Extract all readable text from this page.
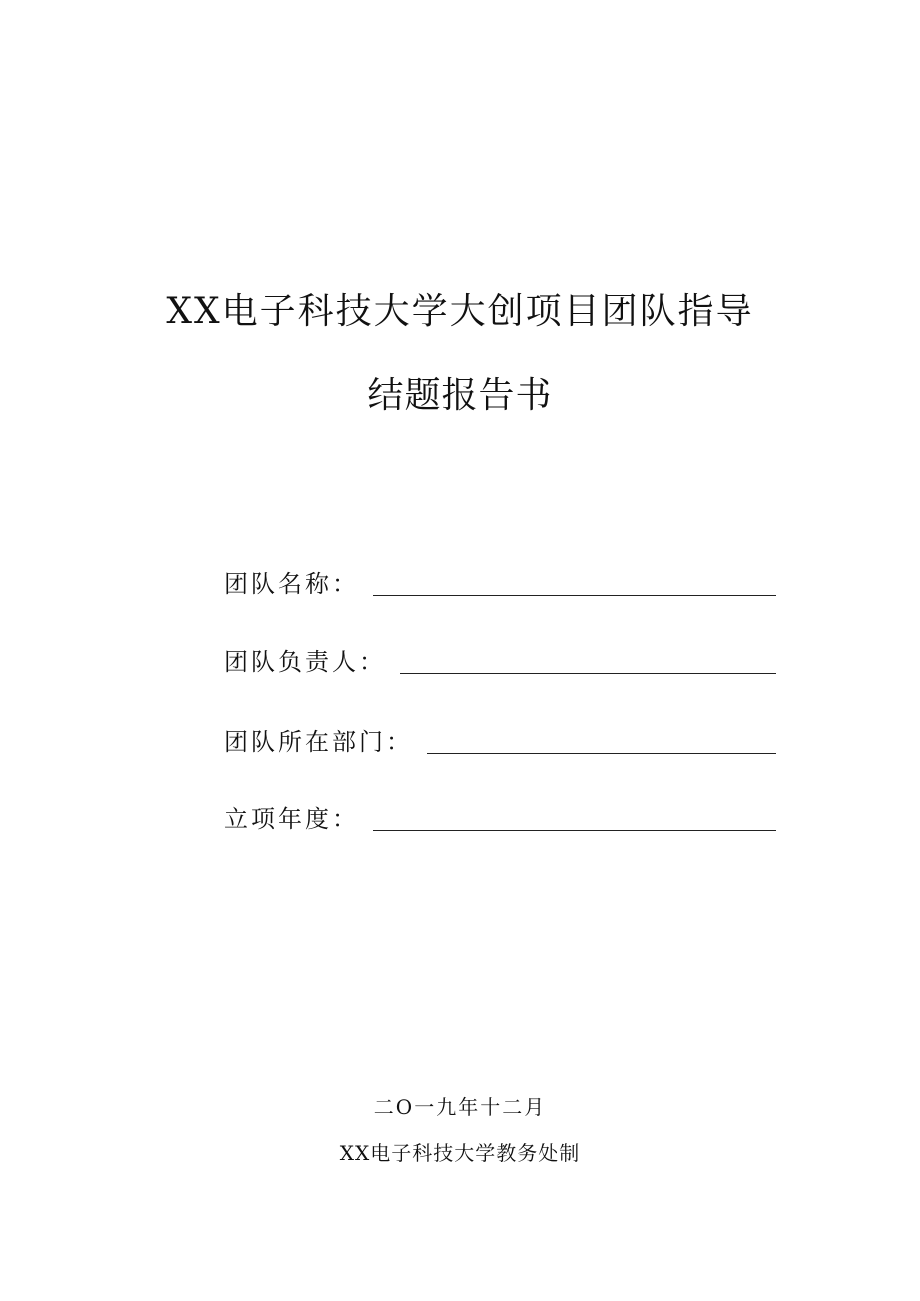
XX电子科技大学大创项目团队指导
结题报告书
团队名称：
团队负责人：
团队所在部门：
立项年度：
二O一九年十二月
XX电子科技大学教务处制
